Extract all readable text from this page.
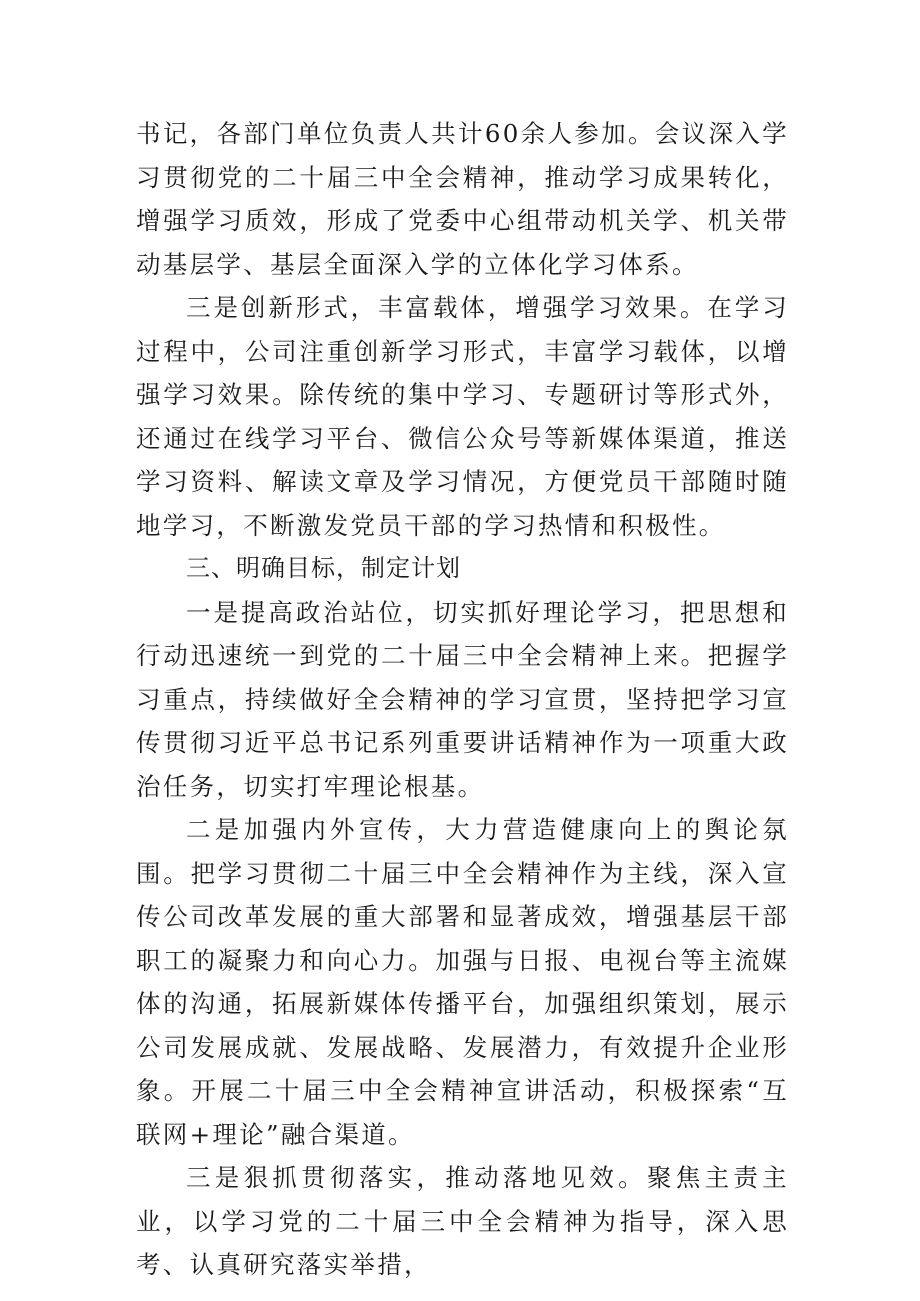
书记，各部门单位负责人共计60余人参加。会议深入学习贯彻党的二十届三中全会精神，推动学习成果转化，增强学习质效，形成了党委中心组带动机关学、机关带动基层学、基层全面深入学的立体化学习体系。

三是创新形式，丰富载体，增强学习效果。在学习过程中，公司注重创新学习形式，丰富学习载体，以增强学习效果。除传统的集中学习、专题研讨等形式外，还通过在线学习平台、微信公众号等新媒体渠道，推送学习资料、解读文章及学习情况，方便党员干部随时随地学习，不断激发党员干部的学习热情和积极性。

三、明确目标，制定计划

一是提高政治站位，切实抓好理论学习，把思想和行动迅速统一到党的二十届三中全会精神上来。把握学习重点，持续做好全会精神的学习宣贯，坚持把学习宣传贯彻习近平总书记系列重要讲话精神作为一项重大政治任务，切实打牢理论根基。

二是加强内外宣传，大力营造健康向上的舆论氛围。把学习贯彻二十届三中全会精神作为主线，深入宣传公司改革发展的重大部署和显著成效，增强基层干部职工的凝聚力和向心力。加强与日报、电视台等主流媒体的沟通，拓展新媒体传播平台，加强组织策划，展示公司发展成就、发展战略、发展潜力，有效提升企业形象。开展二十届三中全会精神宣讲活动，积极探索“互联网+理论”融合渠道。

三是狠抓贯彻落实，推动落地见效。聚焦主责主业，以学习党的二十届三中全会精神为指导，深入思考、认真研究落实举措，
